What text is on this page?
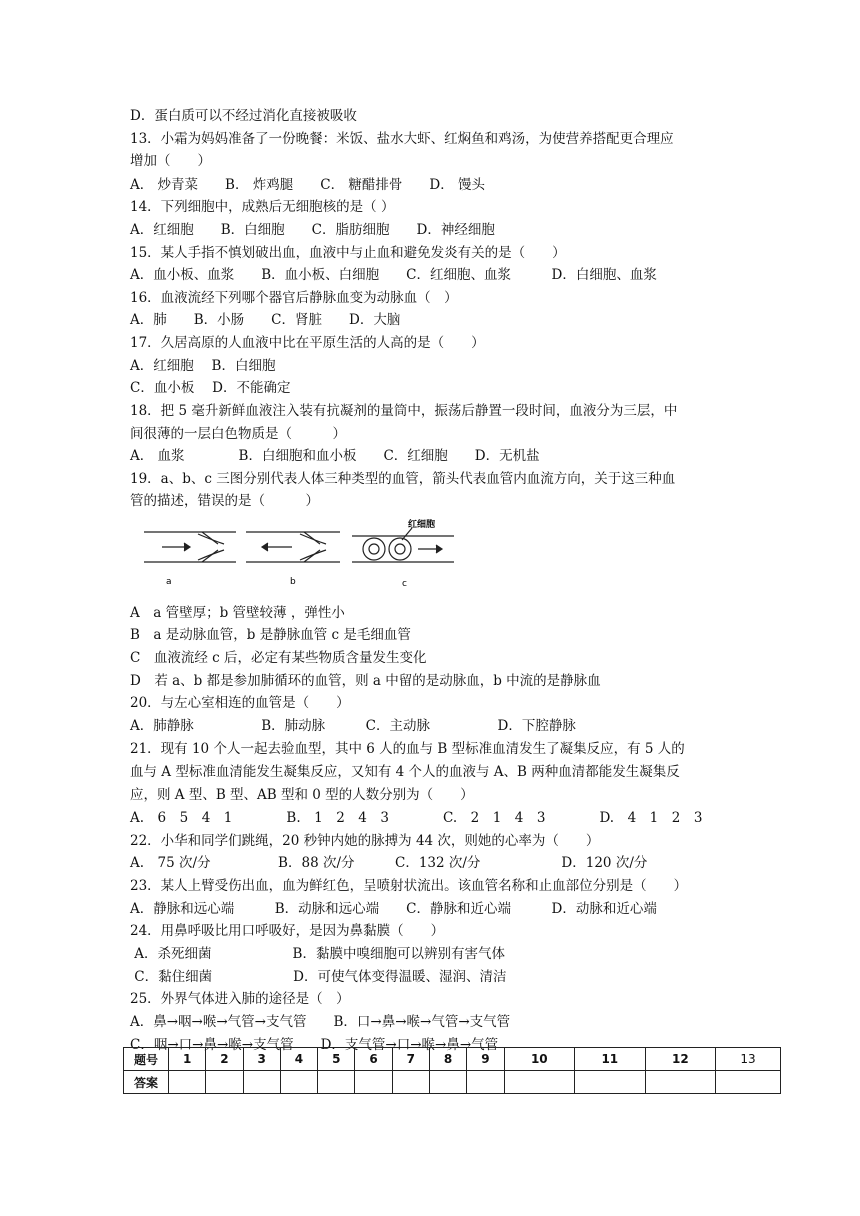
D．蛋白质可以不经过消化直接被吸收
13．小霜为妈妈准备了一份晚餐：米饭、盐水大虾、红焖鱼和鸡汤，为使营养搭配更合理应
增加（　　）
A． 炒青菜　　B． 炸鸡腿　　C． 糖醋排骨　　D． 馒头
14．下列细胞中，成熟后无细胞核的是（ ）
A．红细胞　　B．白细胞　　C．脂肪细胞　　D．神经细胞
15．某人手指不慎划破出血，血液中与止血和避免发炎有关的是（　　）
A．血小板、血浆　　B．血小板、白细胞　　C．红细胞、血浆　　　D．白细胞、血浆
16．血液流经下列哪个器官后静脉血变为动脉血（　）
A．肺　　B．小肠　　C．肾脏　　D．大脑
17．久居高原的人血液中比在平原生活的人高的是（　　）
A．红细胞　 B．白细胞
C．血小板　 D．不能确定
18．把 5 毫升新鲜血液注入装有抗凝剂的量筒中，振荡后静置一段时间，血液分为三层，中
间很薄的一层白色物质是（　　　）
A． 血浆　　　　B．白细胞和血小板　　C．红细胞　　D．无机盐
19．a、b、c 三图分别代表人体三种类型的血管，箭头代表血管内血流方向，关于这三种血
管的描述，错误的是（　　　）
A　a 管壁厚；b 管壁较薄 ，弹性小
B　a 是动脉血管，b 是静脉血管 c 是毛细血管
C　血液流经 c 后，必定有某些物质含量发生变化
D　若 a、b 都是参加肺循环的血管，则 a 中留的是动脉血，b 中流的是静脉血
20．与左心室相连的血管是（　　）
A．肺静脉　　　　　B．肺动脉　　　C．主动脉　　　　　D．下腔静脉
21．现有 10 个人一起去验血型，其中 6 人的血与 B 型标准血清发生了凝集反应，有 5 人的
血与 A 型标准血清能发生凝集反应，又知有 4 个人的血液与 A、B 两种血清都能发生凝集反
应，则 A 型、B 型、AB 型和 0 型的人数分别为（　　）
A.　6　5　4　1　　　　B.　1　2　4　3　　　　C.　2　1　4　3　　　　D.　4　1　2　3
22．小华和同学们跳绳，20 秒钟内她的脉搏为 44 次，则她的心率为（　　）
A.　75 次/分　　　　　B．88 次/分　　　C．132 次/分　　　　　　D．120 次/分
23．某人上臂受伤出血，血为鲜红色，呈喷射状流出。该血管名称和止血部位分别是（　　）
A．静脉和远心端　　　B．动脉和远心端　　C．静脉和近心端　　　D．动脉和近心端
24．用鼻呼吸比用口呼吸好，是因为鼻黏膜（　　）
A．杀死细菌　　　　　　B．黏膜中嗅细胞可以辨别有害气体
C．黏住细菌　　　　　　D．可使气体变得温暖、湿润、清洁
25．外界气体进入肺的途径是（　）
A．鼻→咽→喉→气管→支气管　　B．口→鼻→喉→气管→支气管
C．咽→口→鼻→喉→支气管　　D．支气管→口→喉→鼻→气管
a	b	c
红细胞
题号	1	2	3	4	5	6	7	8	9	10	11	12	13
答案													
